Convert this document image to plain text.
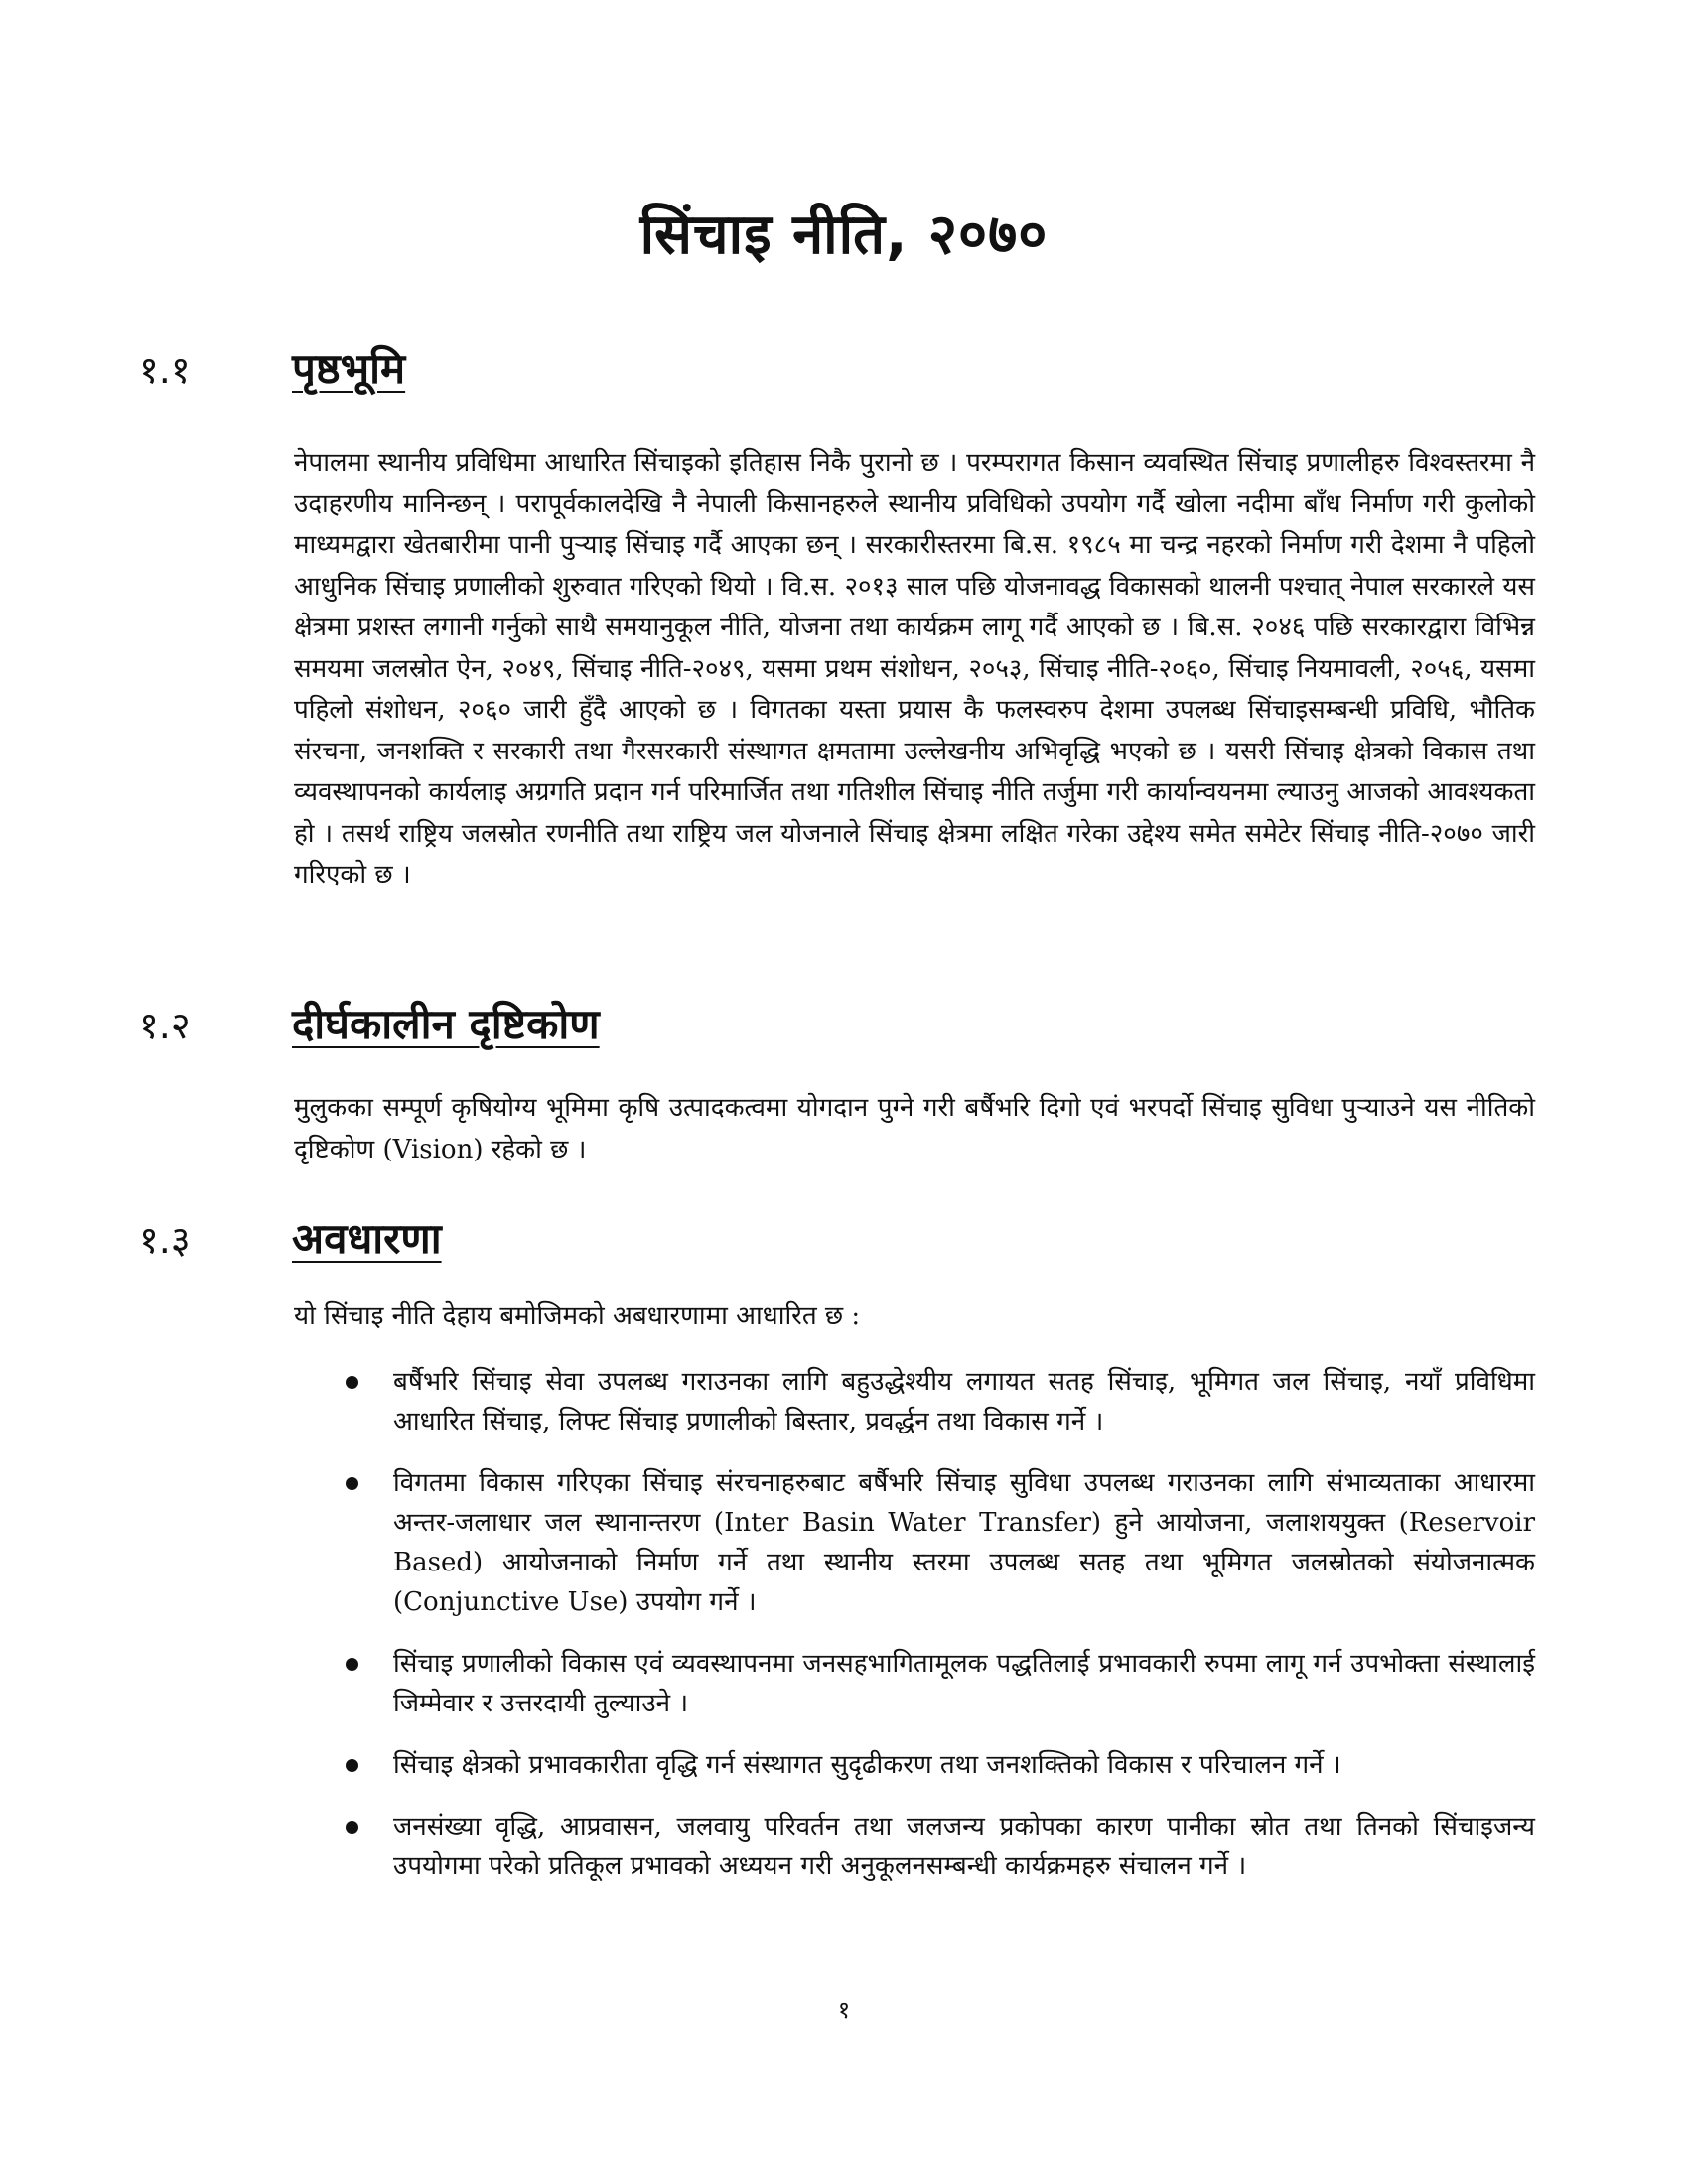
सिंचाइ नीति, २०७०
१.१	पृष्ठभूमि

नेपालमा स्थानीय प्रविधिमा आधारित सिंचाइको इतिहास निकै पुरानो छ । परम्परागत किसान व्यवस्थित सिंचाइ प्रणालीहरु विश्वस्तरमा नै उदाहरणीय मानिन्छन् । परापूर्वकालदेखि नै नेपाली किसानहरुले स्थानीय प्रविधिको उपयोग गर्दै खोला नदीमा बाँध निर्माण गरी कुलोको माध्यमद्वारा खेतबारीमा पानी पुऱ्याइ सिंचाइ गर्दै आएका छन् । सरकारीस्तरमा बि.स. १९८५ मा चन्द्र नहरको निर्माण गरी देशमा नै पहिलो आधुनिक सिंचाइ प्रणालीको शुरुवात गरिएको थियो । वि.स. २०१३ साल पछि योजनावद्ध विकासको थालनी पश्चात् नेपाल सरकारले यस क्षेत्रमा प्रशस्त लगानी गर्नुको साथै समयानुकूल नीति, योजना तथा कार्यक्रम लागू गर्दै आएको छ । बि.स. २०४६ पछि सरकारद्वारा विभिन्न समयमा जलस्रोत ऐन, २०४९, सिंचाइ नीति-२०४९, यसमा प्रथम संशोधन, २०५३, सिंचाइ नीति-२०६०, सिंचाइ नियमावली, २०५६, यसमा पहिलो संशोधन, २०६० जारी हुँदै आएको छ । विगतका यस्ता प्रयास कै फलस्वरुप देशमा उपलब्ध सिंचाइसम्बन्धी प्रविधि, भौतिक संरचना, जनशक्ति र सरकारी तथा गैरसरकारी संस्थागत क्षमतामा उल्लेखनीय अभिवृद्धि भएको छ । यसरी सिंचाइ क्षेत्रको विकास तथा व्यवस्थापनको कार्यलाइ अग्रगति प्रदान गर्न परिमार्जित तथा गतिशील सिंचाइ नीति तर्जुमा गरी कार्यान्वयनमा ल्याउनु आजको आवश्यकता हो । तसर्थ राष्ट्रिय जलस्रोत रणनीति तथा राष्ट्रिय जल योजनाले सिंचाइ क्षेत्रमा लक्षित गरेका उद्देश्य समेत समेटेर सिंचाइ नीति-२०७० जारी गरिएको छ ।

१.२	दीर्घकालीन दृष्टिकोण

मुलुकका सम्पूर्ण कृषियोग्य भूमिमा कृषि उत्पादकत्वमा योगदान पुग्ने गरी बर्षैभरि दिगो एवं भरपर्दो सिंचाइ सुविधा पुऱ्याउने यस नीतिको दृष्टिकोण (Vision) रहेको छ ।

१.३	अवधारणा

यो सिंचाइ नीति देहाय बमोजिमको अबधारणामा आधारित छ :

बर्षैभरि सिंचाइ सेवा उपलब्ध गराउनका लागि बहुउद्धेश्यीय लगायत सतह सिंचाइ, भूमिगत जल सिंचाइ, नयाँ प्रविधिमा आधारित सिंचाइ, लिफ्ट सिंचाइ प्रणालीको बिस्तार, प्रवर्द्धन तथा विकास गर्ने ।
विगतमा विकास गरिएका सिंचाइ संरचनाहरुबाट बर्षैभरि सिंचाइ सुविधा उपलब्ध गराउनका लागि संभाव्यताका आधारमा अन्तर-जलाधार जल स्थानान्तरण (Inter Basin Water Transfer) हुने आयोजना, जलाशययुक्त (Reservoir Based) आयोजनाको निर्माण गर्ने तथा स्थानीय स्तरमा उपलब्ध सतह तथा भूमिगत जलस्रोतको संयोजनात्मक (Conjunctive Use) उपयोग गर्ने ।
सिंचाइ प्रणालीको विकास एवं व्यवस्थापनमा जनसहभागितामूलक पद्धतिलाई प्रभावकारी रुपमा लागू गर्न उपभोक्ता संस्थालाई जिम्मेवार र उत्तरदायी तुल्याउने ।
सिंचाइ क्षेत्रको प्रभावकारीता वृद्धि गर्न संस्थागत सुदृढीकरण तथा जनशक्तिको विकास र परिचालन गर्ने ।
जनसंख्या वृद्धि, आप्रवासन, जलवायु परिवर्तन तथा जलजन्य प्रकोपका कारण पानीका स्रोत तथा तिनको सिंचाइजन्य उपयोगमा परेको प्रतिकूल प्रभावको अध्ययन गरी अनुकूलनसम्बन्धी कार्यक्रमहरु संचालन गर्ने ।
१
